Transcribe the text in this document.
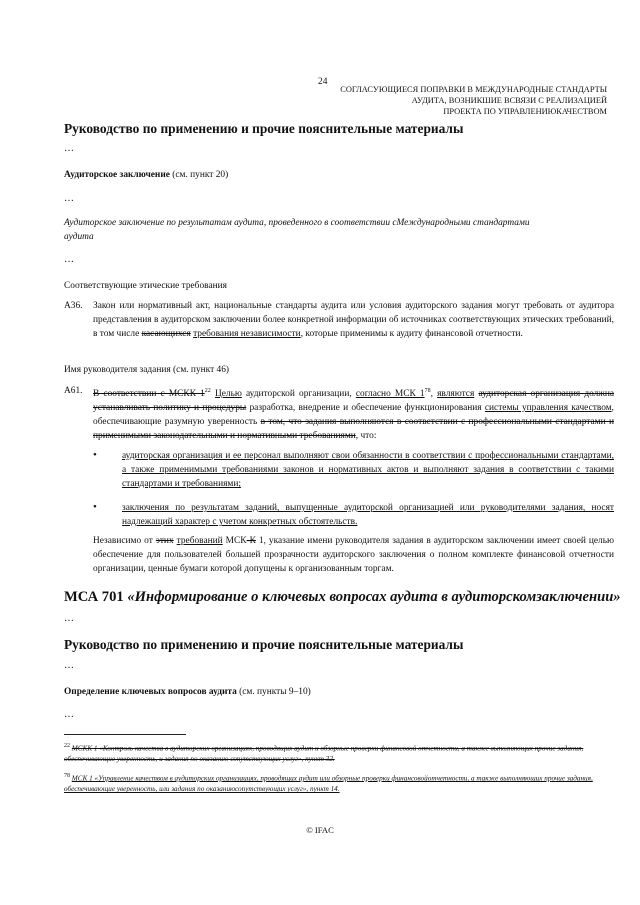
24
СОГЛАСУЮЩИЕСЯ ПОПРАВКИ В МЕЖДУНАРОДНЫЕ СТАНДАРТЫ
АУДИТА, ВОЗНИКШИЕ ВСВЯЗИ С РЕАЛИЗАЦИЕЙ
ПРОЕКТА ПО УПРАВЛЕНИЮКАЧЕСТВОМ
Руководство по применению и прочие пояснительные материалы
…
Аудиторское заключение (см. пункт 20)
…
Аудиторское заключение по результатам аудита, проведенного в соответствии сМеждународными стандартами
аудита
…
Соответствующие этические требования
A36. Закон или нормативный акт, национальные стандарты аудита или условия аудиторского задания могут требовать от аудитора представления в аудиторском заключении более конкретной информации об источниках соответствующих этических требований, в том числе касающихся требования независимости, которые применимы к аудиту финансовой отчетности.
Имя руководителя задания (см. пункт 46)
A61. В соответствии с МСКК $1^{22}$ Целью аудиторской организации, согласно МСК $1^{78}$, являются аудиторская организация должна устанавливать политику и процедуры разработка, внедрение и обеспечение функционирования системы управления качеством, обеспечивающие разумную уверенность в том, что задания выполняются в соответствии с профессиональными стандартами и применимыми законодательными и нормативными требованиями, что:
•	аудиторская организация и ее персонал выполняют свои обязанности в соответствии с профессиональными стандартами, а также применимыми требованиями законов и нормативных актов и выполняют задания в соответствии с такими стандартами и требованиями;
•	заключения по результатам заданий, выпущенные аудиторской организацией или руководителями задания, носят надлежащий характер с учетом конкретных обстоятельств.
Независимо от этих требований МСК-К 1, указание имени руководителя задания в аудиторском заключении имеет своей целью обеспечение для пользователей большей прозрачности аудиторского заключения о полном комплекте финансовой отчетности организации, ценные бумаги которой допущены к организованным торгам.
МСА 701 «Информирование о ключевых вопросах аудита в аудиторскомзаключении»
…
Руководство по применению и прочие пояснительные материалы
…
Определение ключевых вопросов аудита (см. пункты 9–10)
…
$^{22}$ МСКК 1 «Контроль качества в аудиторских организациях, проводящих аудит и обзорные проверки финансовой отчетности, а также выполняющих прочие задания, обеспечивающие уверенность, и задания по оказанию сопутствующих услуг», пункт 32.
$^{78}$ МСК 1 «Управление качеством в аудиторских организациях, проводящих аудит или обзорные проверки финансовойотчетности, а также выполняющих прочие задания, обеспечивающие уверенность, или задания по оказаниюсопутствующих услуг», пункт 14.
© IFAC
